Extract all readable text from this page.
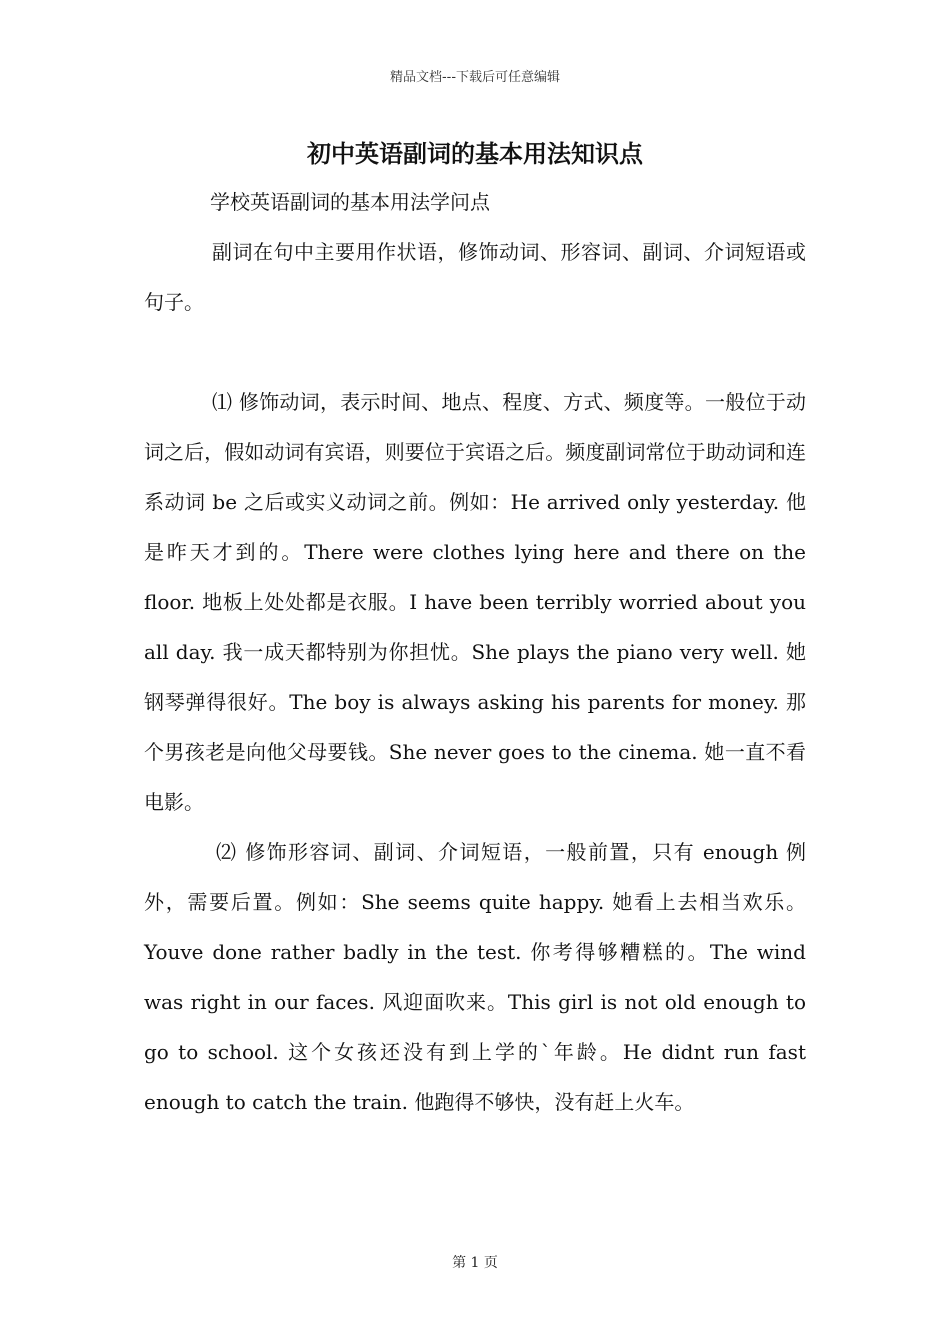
精品文档---下载后可任意编辑
初中英语副词的基本用法知识点

学校英语副词的基本用法学问点

副词在句中主要用作状语，修饰动词、形容词、副词、介词短语或句子。

⑴ 修饰动词，表示时间、地点、程度、方式、频度等。一般位于动词之后，假如动词有宾语，则要位于宾语之后。频度副词常位于助动词和连系动词 be 之后或实义动词之前。例如：He arrived only yesterday. 他是昨天才到的。There were clothes lying here and there on the floor. 地板上处处都是衣服。I have been terribly worried about you all day. 我一成天都特别为你担忧。She plays the piano very well. 她钢琴弹得很好。The boy is always asking his parents for money. 那个男孩老是向他父母要钱。She never goes to the cinema. 她一直不看电影。

⑵ 修饰形容词、副词、介词短语，一般前置，只有 enough 例外，需要后置。例如：She seems quite happy. 她看上去相当欢乐。Youve done rather badly in the test. 你考得够糟糕的。The wind was right in our faces. 风迎面吹来。This girl is not old enough to go to school. 这个女孩还没有到上学的`年龄。He didnt run fast enough to catch the train. 他跑得不够快，没有赶上火车。

第 1 页
